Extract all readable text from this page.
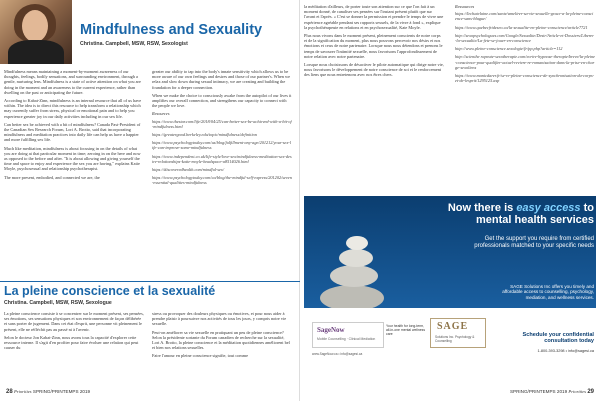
Mindfulness and Sexuality
Christina. Campbell, MSW, RSW, Sexologist

Mindfulness means maintaining a moment-by-moment awareness of our thoughts, feelings, bodily sensations, and surrounding environment, through a gentle, nurturing lens. Mindfulness is a state of active attention on what you are doing in the moment and an awareness to the current experience, rather than dwelling on the past or anticipating the future.

According to Kabat-Zinn, mindfulness is an internal resource that all of us have within. The idea is to direct this resource to help transform a relationship which may currently suffer from stress, physical or emotional pain and to help you experience greater joy in our daily activities including in our sex life.

Can better sex be achieved with a bit of mindfulness? Canada Past-President of the Canadian Sex Research Forum, Lori A. Brotto, said that incorporating mindfulness and meditation practices into daily life can help us have a happier and more fulfilling sex life.

Much like meditation, mindfulness is about focusing in on the details of what you are doing at that particular moment in time; zeroing in on the here and now as opposed to the before and after. "It is about allowing and giving yourself the time and space to enjoy and experience the sex you are having," explains Katie Moyle, psychosexual and relationship psychotherapist.

The more present, embodied, and connected we are, the

greater our ability to tap into the body's innate sensitivity which allows us to be more aware of our own feelings and desires and those of our partner's. When we relax and slow down during sexual intimacy, we are creating and building the foundation for a deeper connection.

When we make the choice to consciously awake from the autopilot of our lives it amplifies our overall connection, and strengthens our capacity to connect with the people we love.

Resources
https://www.thestar.com/life/2018/04/25/can-better-sex-be-achieved-with-a-bit-of-mindfulness.html
https://greatergood.berkeley.edu/topic/mindfulness/definition
https://www.psychologytoday.com/us/blog/fulfillment-any-age/201212/your-sex-life-can-improve-some-mindfulness
https://www.independent.co.uk/life-style/love-sex/mindfulness-meditation-sex-desire-relationships-katie-moyle-headspace-a8514026.html
https://discoveredhealth.com/mindful-sex/
https://www.psychologytoday.com/ca/blog/the-mindful-self-express/201202/seven-essential-qualities-mindfulness
La pleine conscience et la sexualité
Christina. Campbell, MSW, RSW, Sexologue

La pleine conscience consiste à se concentrer sur le moment présent, ses pensées, ses émotions, ses sensations physiques et son environnement de façon délibérée et sans porter de jugement. Dans cet état d'esprit, une personne vit pleinement le présent, elle ne réfléchit pas au passé ni à l'avenir.

Selon le docteur Jon Kabat-Zinn, nous avons tous la capacité d'explorer cette ressource interne. Il s'agit d'en profiter pour faire évoluer une relation qui peut causer du

stress ou provoquer des douleurs physiques ou émotives, et pour nous aider à prendre plaisir à poursuivre nos activités de tous les jours, y compris notre vie sexuelle.

Peut-on améliorer sa vie sexuelle en pratiquant un peu de pleine conscience? Selon la présidente sortante du Forum canadien de recherche sur la sexualité, Lori A. Brotto, la pleine conscience et la méditation quotidiennes améliorent bel et bien nos relations sexuelles.

Faire l'amour en pleine conscience signifie, tout comme

28 Priorities SPRING/PRINTEMPS 2019

la méditation d'ailleurs, de porter toute son attention sur ce que l'on fait à un moment donné, de canaliser ses pensées sur l'instant présent plutôt que sur l'avant et l'après. « C'est se donner la permission et prendre le temps de vivre une expérience agréable pendant ses rapports sexuels, de la vivre à fond », explique la psychothérapeute en relations et en psychosexualité, Kate Moyle.

Plus nous vivons dans le moment présent, pleinement conscients de notre corps et de la signification du moment, plus nous pouvons percevoir nos désirs et nos émotions et ceux de notre partenaire. Lorsque nous nous détendons et prenons le temps de savourer l'intimité sexuelle, nous favorisons l'approfondissement de notre relation avec notre partenaire.

Lorsque nous choisissons de désactiver le pilote automatique qui dirige notre vie, nous favorisons le développement de notre conscience de soi et le renforcement des liens que nous entretenons avec nos êtres chers.

Ressources
https://lechatelaine.com/sante/amelirer-sa-vie-sexuelle-grace-a-la-pleine-conscience-sans-blague/
https://www.quebecfrideseo.ca/la-sexualite-en-pleine-conscience/article7721
http://sexopsychologues.com/Google/Sexualite/Desir/Article-et-Dossiers/Liberer-la-sexualite/La-fete-se-jouer-en-conscience
http://www.pleine-conscience.sexologie/fr/pp.php?article=112
http://scienthe rapeute-sexotherapie.com/ecrire-hypnose-therapie/breve/la-pleine-conscience-pour-qualifier-actuel-revivre-re-romanisation-dans-la-prise-en-charge-sexoliens
https://www.manicdarer.fr/se-re-pleine-conscience-de-synchronisation-du-corps-et-de-lesprit/1295125.asp
Now there is easy access to mental health services
Get the support you require from certified professionals matched to your specific needs
SAGE Solutions Inc offers you timely and affordable access to counselling, psychology, mediation, and wellness services.
SageNow
Mobile Counselling · Clinical Mediation
Your health for long-term, all-in-one mental wellness care
SAGE
Solutions Inc. Psychology & Counselling
www.SageNow.ca • info@sagesi.ca
Schedule your confidential consultation today
1-800-393-3298 • info@sagesi.ca
SPRING/PRINTEMPS 2019 Priorities 29
